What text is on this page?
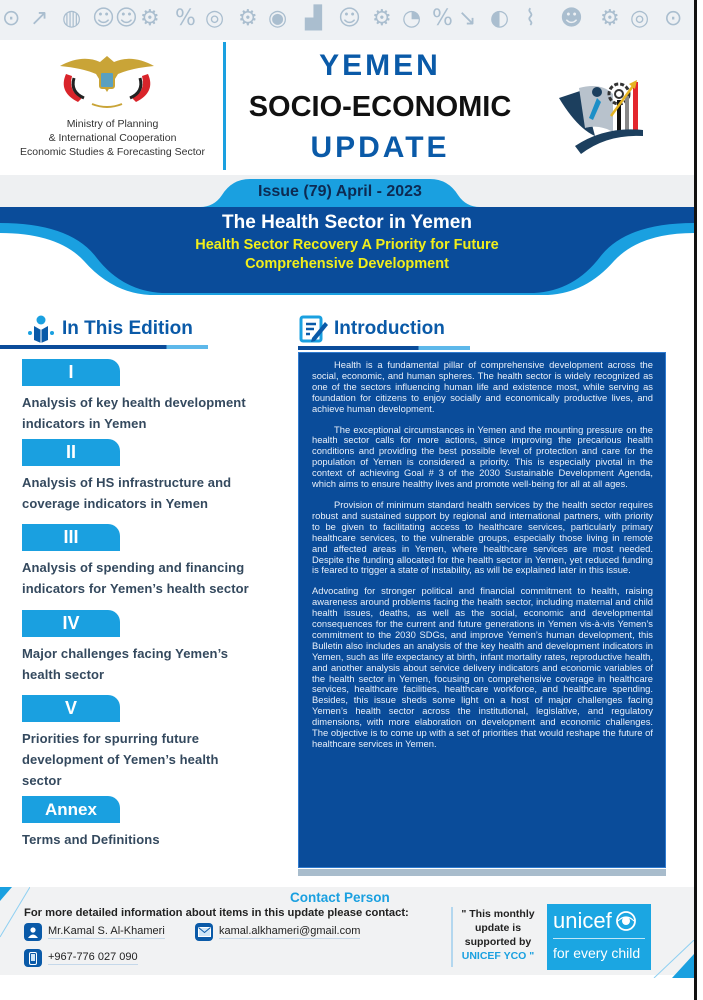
⊙ ↗ ◍ ☺☺ ⚙ % ◎ ⚙ ◉ ▟ ☺ ⚙ ◔ % ↘ ◐ ⌇ ☻ ⚙ ◎ ⊙
Ministry of Planning
& International Cooperation
Economic Studies & Forecasting Sector
YEMEN
SOCIO-ECONOMIC
UPDATE
Issue (79) April - 2023
The Health Sector in Yemen
Health Sector Recovery A Priority for Future
Comprehensive Development
In This Edition
I
Analysis of key health development
indicators in Yemen
II
Analysis of HS infrastructure and
coverage indicators in Yemen
III
Analysis of spending and financing
indicators for Yemen’s health sector
IV
Major challenges facing Yemen’s
health sector
V
Priorities for spurring future
development of Yemen’s health
sector
Annex
Terms and Definitions
Introduction

Health is a fundamental pillar of comprehensive development across the social, economic, and human spheres. The health sector is widely recognized as one of the sectors influencing human life and existence most, while serving as foundation for citizens to enjoy socially and economically productive lives, and achieve human development.

The exceptional circumstances in Yemen and the mounting pressure on the health sector calls for more actions, since improving the precarious health conditions and providing the best possible level of protection and care for the population of Yemen is considered a priority. This is especially pivotal in the context of achieving Goal # 3 of the 2030 Sustainable Development Agenda, which aims to ensure healthy lives and promote well-being for all at all ages.

Provision of minimum standard health services by the health sector requires robust and sustained support by regional and international partners, with priority to be given to facilitating access to healthcare services, particularly primary healthcare services, to the vulnerable groups, especially those living in remote and affected areas in Yemen, where healthcare services are most needed. Despite the funding allocated for the health sector in Yemen, yet reduced funding is feared to trigger a state of instability, as will be explained later in this issue.

Advocating for stronger political and financial commitment to health, raising awareness around problems facing the health sector, including maternal and child health issues, deaths, as well as the social, economic and developmental consequences for the current and future generations in Yemen vis-à-vis Yemen’s commitment to the 2030 SDGs, and improve Yemen’s human development, this Bulletin also includes an analysis of the key health and development indicators in Yemen, such as life expectancy at birth, infant mortality rates, reproductive health, and another analysis about service delivery indicators and economic variables of the health sector in Yemen, focusing on comprehensive coverage in healthcare services, healthcare facilities, healthcare workforce, and healthcare spending. Besides, this issue sheds some light on a host of major challenges facing Yemen’s health sector across the institutional, legislative, and regulatory dimensions, with more elaboration on development and economic challenges. The objective is to come up with a set of priorities that would reshape the future of healthcare services in Yemen.

Contact Person
For more detailed information about items in this update please contact:
Mr.Kamal S. Al-Khameri	kamal.alkhameri@gmail.com
+967-776 027 090
" This monthly
update is
supported by
UNICEF YCO "
unicef
for every child
